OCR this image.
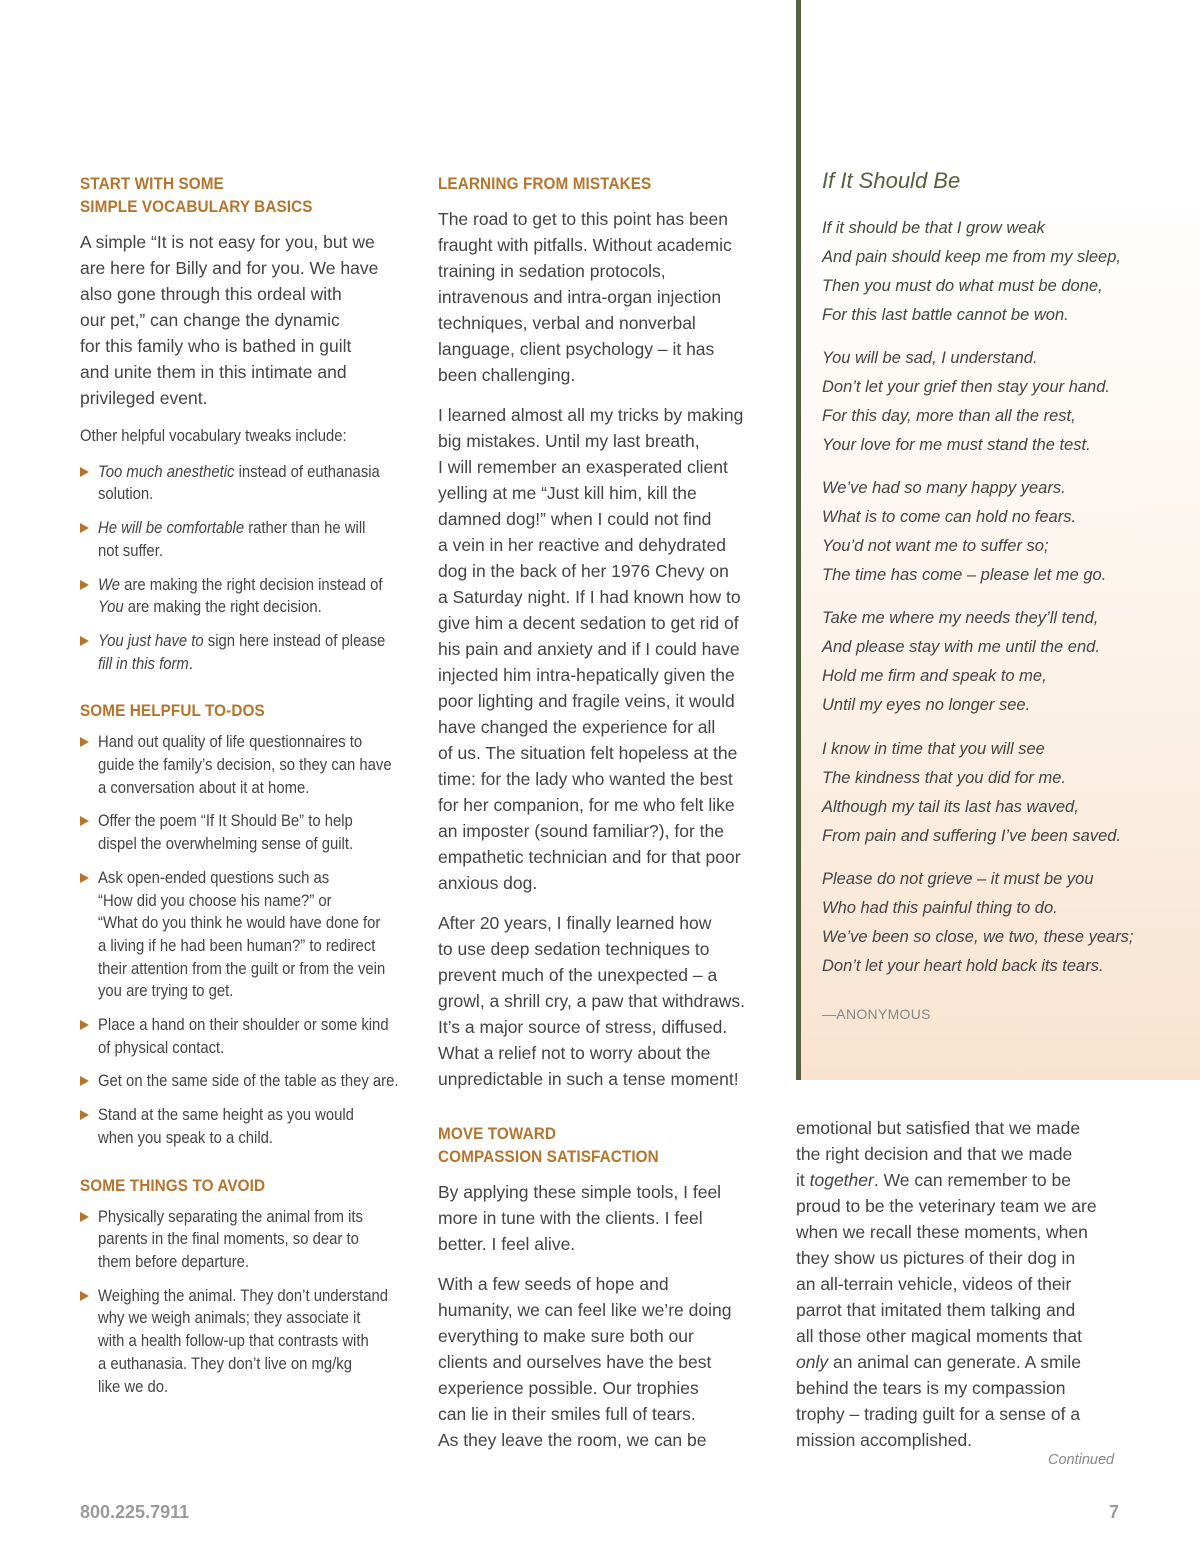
START WITH SOME
SIMPLE VOCABULARY BASICS
A simple “It is not easy for you, but we
are here for Billy and for you. We have
also gone through this ordeal with
our pet,” can change the dynamic
for this family who is bathed in guilt
and unite them in this intimate and
privileged event.
Other helpful vocabulary tweaks include:
Too much anesthetic instead of euthanasia
solution.
He will be comfortable rather than he will
not suffer.
We are making the right decision instead of
You are making the right decision.
You just have to sign here instead of please
fill in this form.
SOME HELPFUL TO-DOS
Hand out quality of life questionnaires to
guide the family’s decision, so they can have
a conversation about it at home.
Offer the poem “If It Should Be” to help
dispel the overwhelming sense of guilt.
Ask open-ended questions such as
“How did you choose his name?” or
“What do you think he would have done for
a living if he had been human?” to redirect
their attention from the guilt or from the vein
you are trying to get.
Place a hand on their shoulder or some kind
of physical contact.
Get on the same side of the table as they are.
Stand at the same height as you would
when you speak to a child.
SOME THINGS TO AVOID
Physically separating the animal from its
parents in the final moments, so dear to
them before departure.
Weighing the animal. They don’t understand
why we weigh animals; they associate it
with a health follow-up that contrasts with
a euthanasia. They don’t live on mg/kg
like we do.
LEARNING FROM MISTAKES
The road to get to this point has been
fraught with pitfalls. Without academic
training in sedation protocols,
intravenous and intra-organ injection
techniques, verbal and nonverbal
language, client psychology – it has
been challenging.
I learned almost all my tricks by making
big mistakes. Until my last breath,
I will remember an exasperated client
yelling at me “Just kill him, kill the
damned dog!” when I could not find
a vein in her reactive and dehydrated
dog in the back of her 1976 Chevy on
a Saturday night. If I had known how to
give him a decent sedation to get rid of
his pain and anxiety and if I could have
injected him intra-hepatically given the
poor lighting and fragile veins, it would
have changed the experience for all
of us. The situation felt hopeless at the
time: for the lady who wanted the best
for her companion, for me who felt like
an imposter (sound familiar?), for the
empathetic technician and for that poor
anxious dog.
After 20 years, I finally learned how
to use deep sedation techniques to
prevent much of the unexpected – a
growl, a shrill cry, a paw that withdraws.
It’s a major source of stress, diffused.
What a relief not to worry about the
unpredictable in such a tense moment!
MOVE TOWARD
COMPASSION SATISFACTION
By applying these simple tools, I feel
more in tune with the clients. I feel
better. I feel alive.
With a few seeds of hope and
humanity, we can feel like we’re doing
everything to make sure both our
clients and ourselves have the best
experience possible. Our trophies
can lie in their smiles full of tears.
As they leave the room, we can be
If It Should Be
If it should be that I grow weak
And pain should keep me from my sleep,
Then you must do what must be done,
For this last battle cannot be won.
You will be sad, I understand.
Don’t let your grief then stay your hand.
For this day, more than all the rest,
Your love for me must stand the test.
We’ve had so many happy years.
What is to come can hold no fears.
You’d not want me to suffer so;
The time has come – please let me go.
Take me where my needs they’ll tend,
And please stay with me until the end.
Hold me firm and speak to me,
Until my eyes no longer see.
I know in time that you will see
The kindness that you did for me.
Although my tail its last has waved,
From pain and suffering I’ve been saved.
Please do not grieve – it must be you
Who had this painful thing to do.
We’ve been so close, we two, these years;
Don’t let your heart hold back its tears.
—ANONYMOUS
emotional but satisfied that we made
the right decision and that we made
it together. We can remember to be
proud to be the veterinary team we are
when we recall these moments, when
they show us pictures of their dog in
an all-terrain vehicle, videos of their
parrot that imitated them talking and
all those other magical moments that
only an animal can generate. A smile
behind the tears is my compassion
trophy – trading guilt for a sense of a
mission accomplished.
Continued
800.225.7911	7
